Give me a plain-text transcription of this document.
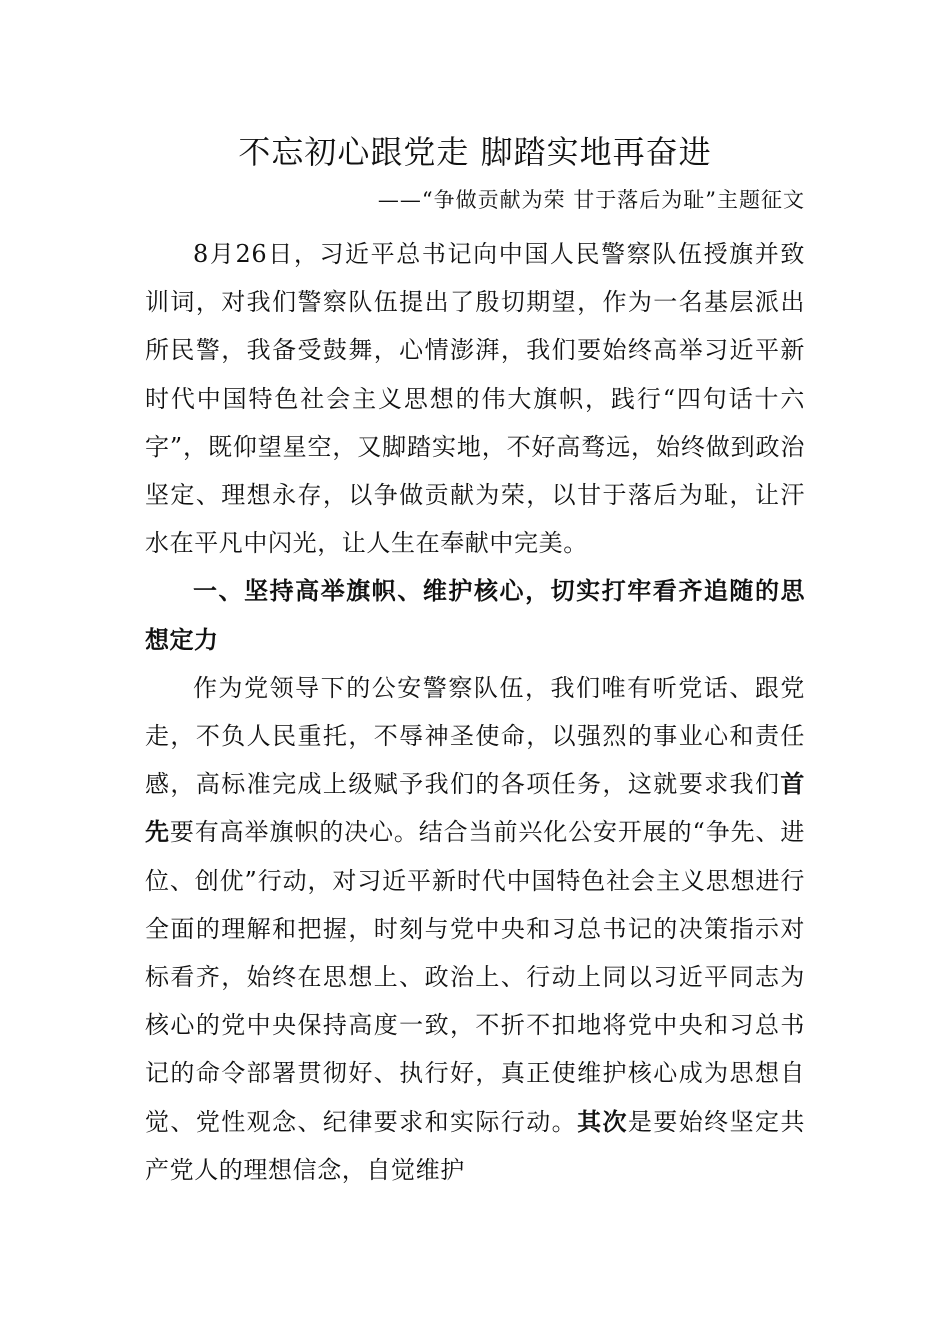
不忘初心跟党走 脚踏实地再奋进
——“争做贡献为荣 甘于落后为耻”主题征文

8月26日，习近平总书记向中国人民警察队伍授旗并致训词，对我们警察队伍提出了殷切期望，作为一名基层派出所民警，我备受鼓舞，心情澎湃，我们要始终高举习近平新时代中国特色社会主义思想的伟大旗帜，践行“四句话十六字”，既仰望星空，又脚踏实地，不好高骛远，始终做到政治坚定、理想永存，以争做贡献为荣，以甘于落后为耻，让汗水在平凡中闪光，让人生在奉献中完美。

一、坚持高举旗帜、维护核心，切实打牢看齐追随的思想定力

作为党领导下的公安警察队伍，我们唯有听党话、跟党走，不负人民重托，不辱神圣使命，以强烈的事业心和责任感，高标准完成上级赋予我们的各项任务，这就要求我们首先要有高举旗帜的决心。结合当前兴化公安开展的“争先、进位、创优”行动，对习近平新时代中国特色社会主义思想进行全面的理解和把握，时刻与党中央和习总书记的决策指示对标看齐，始终在思想上、政治上、行动上同以习近平同志为核心的党中央保持高度一致，不折不扣地将党中央和习总书记的命令部署贯彻好、执行好，真正使维护核心成为思想自觉、党性观念、纪律要求和实际行动。其次是要始终坚定共产党人的理想信念，自觉维护
